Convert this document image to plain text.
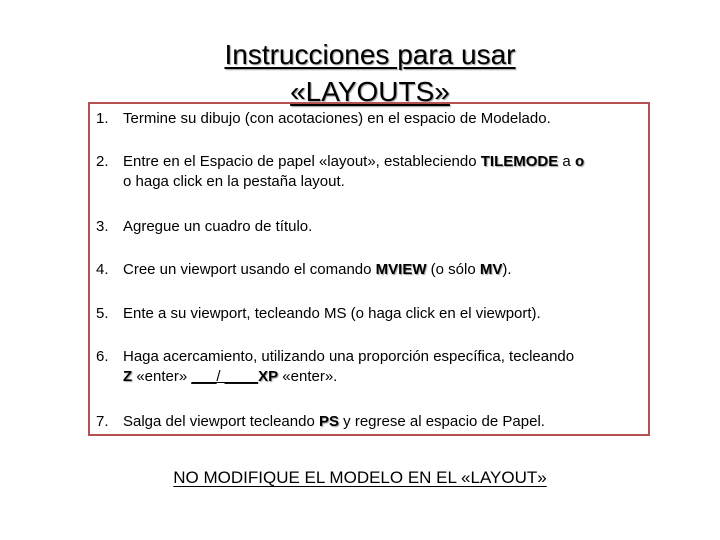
Instrucciones para usar
«LAYOUTS»
1. Termine su dibujo (con acotaciones) en el espacio de Modelado.
2. Entre en el Espacio de papel «layout», estableciendo TILEMODE a o
o haga click en la pestaña layout.
3. Agregue un cuadro de título.
4. Cree un viewport usando el comando MVIEW (o sólo MV).
5. Ente a su viewport, tecleando MS (o haga click en el viewport).
6. Haga acercamiento, utilizando una proporción específica, tecleando
Z «enter» ___/ ____XP «enter».
7. Salga del viewport tecleando PS y regrese al espacio de Papel.
NO MODIFIQUE EL MODELO EN EL «LAYOUT»
